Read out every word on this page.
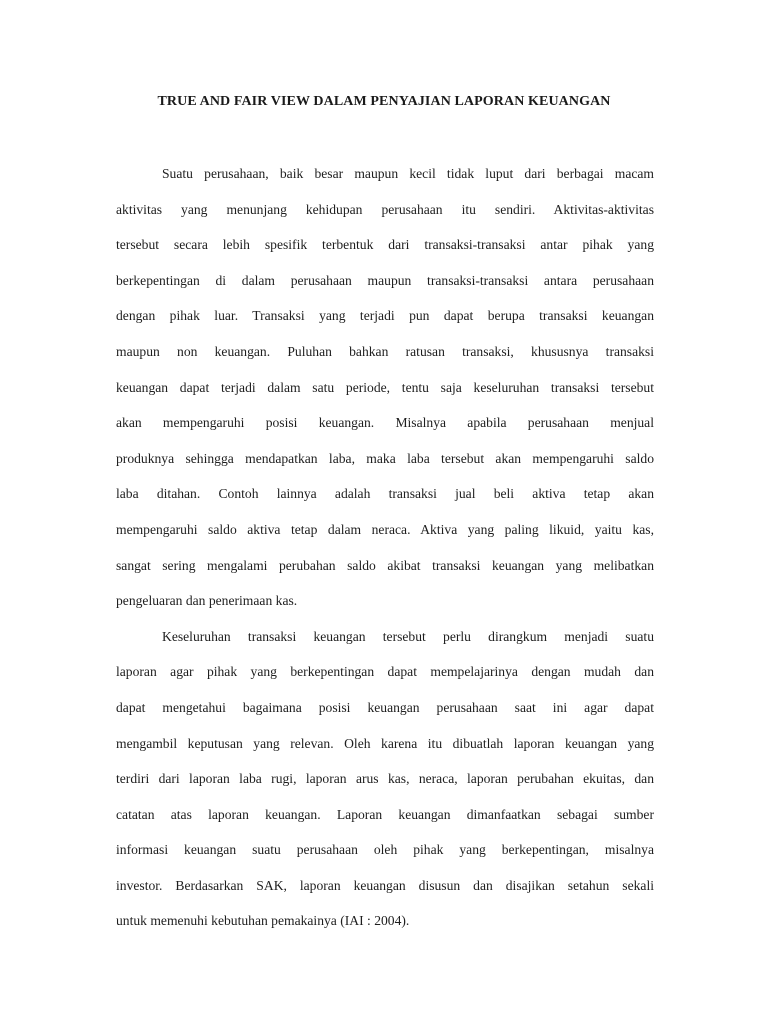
TRUE AND FAIR VIEW DALAM PENYAJIAN LAPORAN KEUANGAN
Suatu perusahaan, baik besar maupun kecil tidak luput dari berbagai macam
aktivitas yang menunjang kehidupan perusahaan itu sendiri. Aktivitas-aktivitas
tersebut secara lebih spesifik terbentuk dari transaksi-transaksi antar pihak yang
berkepentingan di dalam perusahaan maupun transaksi-transaksi antara perusahaan
dengan pihak luar. Transaksi yang terjadi pun dapat berupa transaksi keuangan
maupun non keuangan. Puluhan bahkan ratusan transaksi, khususnya transaksi
keuangan dapat terjadi dalam satu periode, tentu saja keseluruhan transaksi tersebut
akan mempengaruhi posisi keuangan. Misalnya apabila perusahaan menjual
produknya sehingga mendapatkan laba, maka laba tersebut akan mempengaruhi saldo
laba ditahan. Contoh lainnya adalah transaksi jual beli aktiva tetap akan
mempengaruhi saldo aktiva tetap dalam neraca. Aktiva yang paling likuid, yaitu kas,
sangat sering mengalami perubahan saldo akibat transaksi keuangan yang melibatkan
pengeluaran dan penerimaan kas.
Keseluruhan transaksi keuangan tersebut perlu dirangkum menjadi suatu
laporan agar pihak yang berkepentingan dapat mempelajarinya dengan mudah dan
dapat mengetahui bagaimana posisi keuangan perusahaan saat ini agar dapat
mengambil keputusan yang relevan. Oleh karena itu dibuatlah laporan keuangan yang
terdiri dari laporan laba rugi, laporan arus kas, neraca, laporan perubahan ekuitas, dan
catatan atas laporan keuangan. Laporan keuangan dimanfaatkan sebagai sumber
informasi keuangan suatu perusahaan oleh pihak yang berkepentingan, misalnya
investor. Berdasarkan SAK, laporan keuangan disusun dan disajikan setahun sekali
untuk memenuhi kebutuhan pemakainya (IAI : 2004).
